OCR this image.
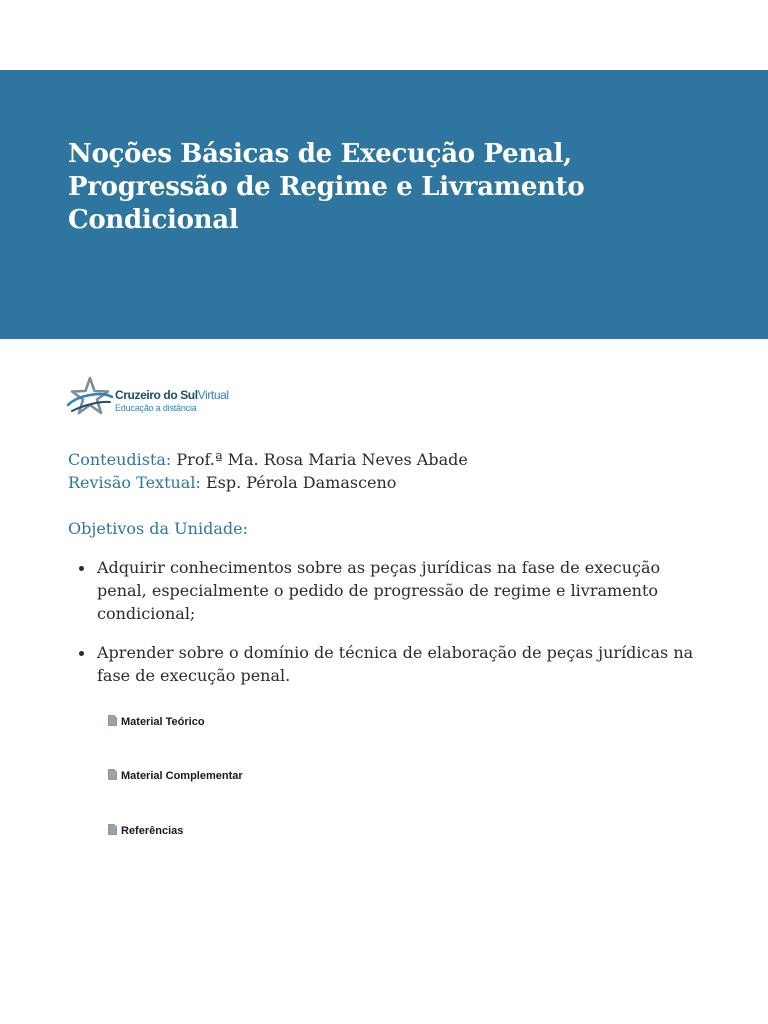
Noções Básicas de Execução Penal, Progressão de Regime e Livramento Condicional
Cruzeiro do SulVirtual
Educação a distância
Conteudista: Prof.ª Ma. Rosa Maria Neves Abade
Revisão Textual: Esp. Pérola Damasceno
Objetivos da Unidade:
Adquirir conhecimentos sobre as peças jurídicas na fase de execução penal, especialmente o pedido de progressão de regime e livramento condicional;
Aprender sobre o domínio de técnica de elaboração de peças jurídicas na fase de execução penal.
Material Teórico
Material Complementar
Referências
